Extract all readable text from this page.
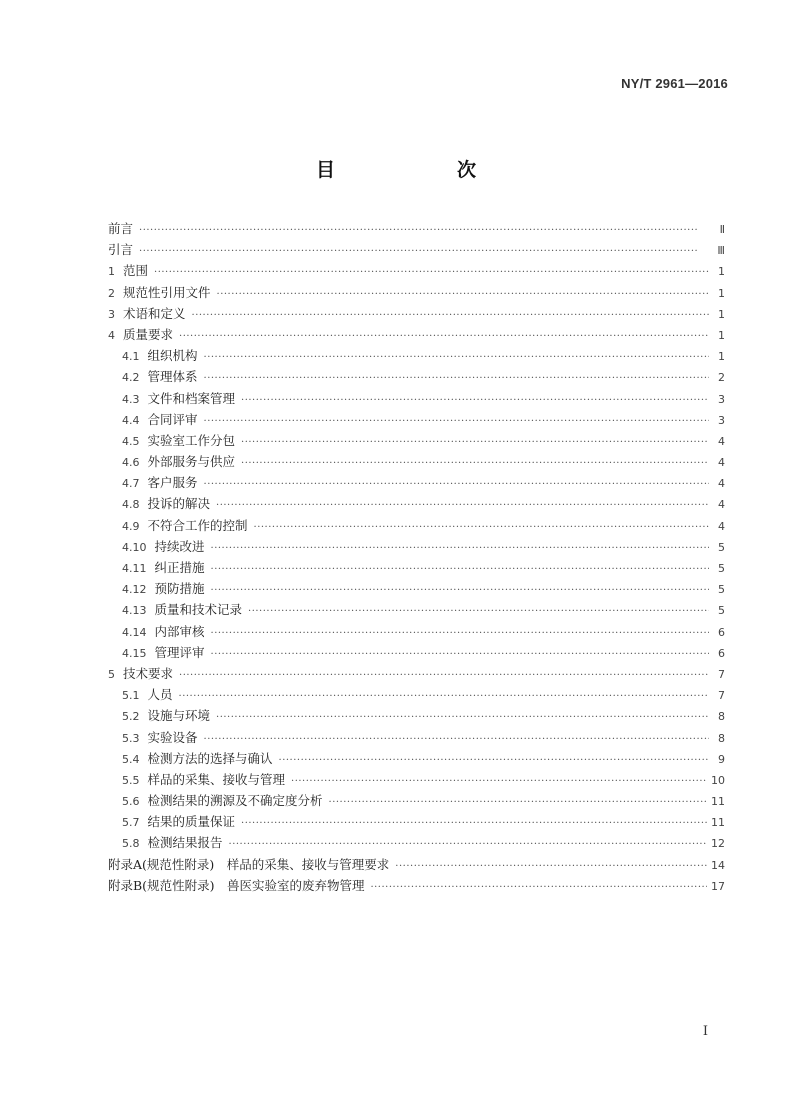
NY/T 2961—2016
目　　次
前言 ·····	Ⅱ
引言 ·····	Ⅲ
1 范围 ·····	1
2 规范性引用文件 ·····	1
3 术语和定义 ·····	1
4 质量要求 ·····	1
4.1 组织机构 ·····	1
4.2 管理体系 ·····	2
4.3 文件和档案管理 ·····	3
4.4 合同评审 ·····	3
4.5 实验室工作分包 ·····	4
4.6 外部服务与供应 ·····	4
4.7 客户服务 ·····	4
4.8 投诉的解决 ·····	4
4.9 不符合工作的控制 ·····	4
4.10 持续改进 ·····	5
4.11 纠正措施 ·····	5
4.12 预防措施 ·····	5
4.13 质量和技术记录 ·····	5
4.14 内部审核 ·····	6
4.15 管理评审 ·····	6
5 技术要求 ·····	7
5.1 人员 ·····	7
5.2 设施与环境 ·····	8
5.3 实验设备 ·····	8
5.4 检测方法的选择与确认 ·····	9
5.5 样品的采集、接收与管理 ·····	10
5.6 检测结果的溯源及不确定度分析 ·····	11
5.7 结果的质量保证 ·····	11
5.8 检测结果报告 ·····	12
附录A(规范性附录)　样品的采集、接收与管理要求 ·····	14
附录B(规范性附录)　兽医实验室的废弃物管理 ·····	17
I
